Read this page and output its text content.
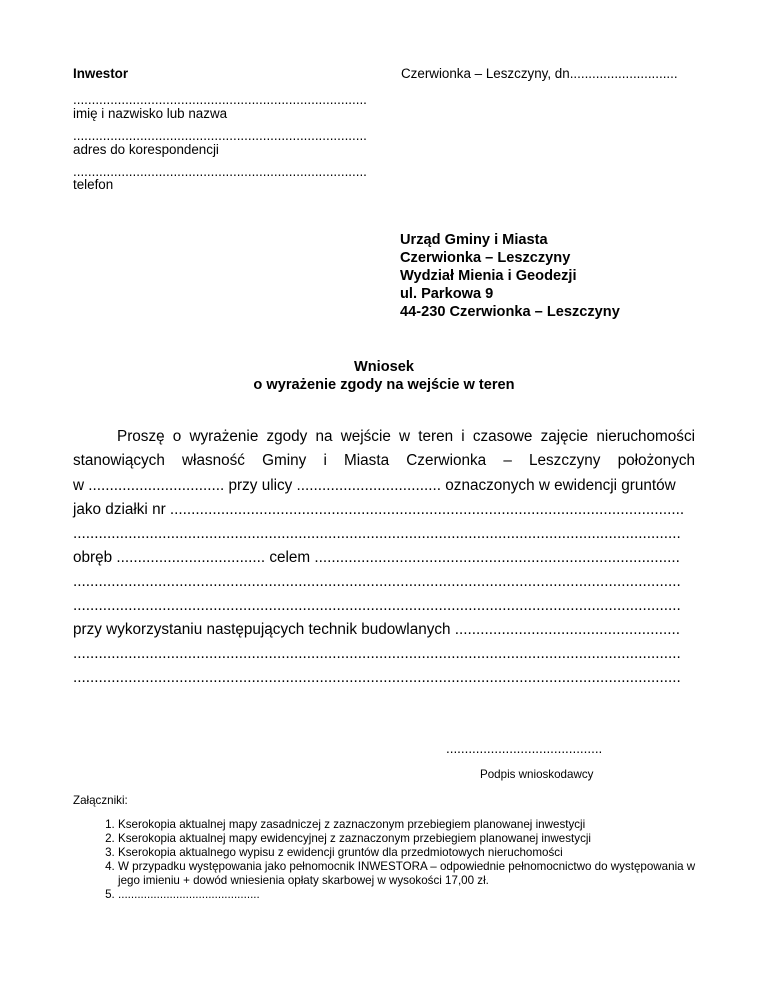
Inwestor	Czerwionka – Leszczyny, dn.............................
...............................................................................
imię i nazwisko lub nazwa
...............................................................................
adres do korespondencji
...............................................................................
telefon
Urząd Gminy i Miasta
Czerwionka – Leszczyny
Wydział Mienia i Geodezji
ul. Parkowa 9
44-230 Czerwionka – Leszczyny
Wniosek
o wyrażenie zgody na wejście w teren
Proszę o wyrażenie zgody na wejście w teren i czasowe zajęcie nieruchomości
stanowiących własność Gminy i Miasta Czerwionka – Leszczyny położonych
w ................................ przy ulicy .................................. oznaczonych w ewidencji gruntów
jako działki nr .........................................................................................................................
...............................................................................................................................................
obręb ................................... celem ......................................................................................
...............................................................................................................................................
...............................................................................................................................................
przy wykorzystaniu następujących technik budowlanych .....................................................
...............................................................................................................................................
...............................................................................................................................................
..........................................
Podpis wnioskodawcy
Załączniki:
1. Kserokopia aktualnej mapy zasadniczej z zaznaczonym przebiegiem planowanej inwestycji
2. Kserokopia aktualnej mapy ewidencyjnej z zaznaczonym przebiegiem planowanej inwestycji
3. Kserokopia aktualnego wypisu z ewidencji gruntów dla przedmiotowych nieruchomości
4. W przypadku występowania jako pełnomocnik INWESTORA – odpowiednie pełnomocnictwo do występowania w jego imieniu + dowód wniesienia opłaty skarbowej w wysokości 17,00 zł.
5. ............................................
